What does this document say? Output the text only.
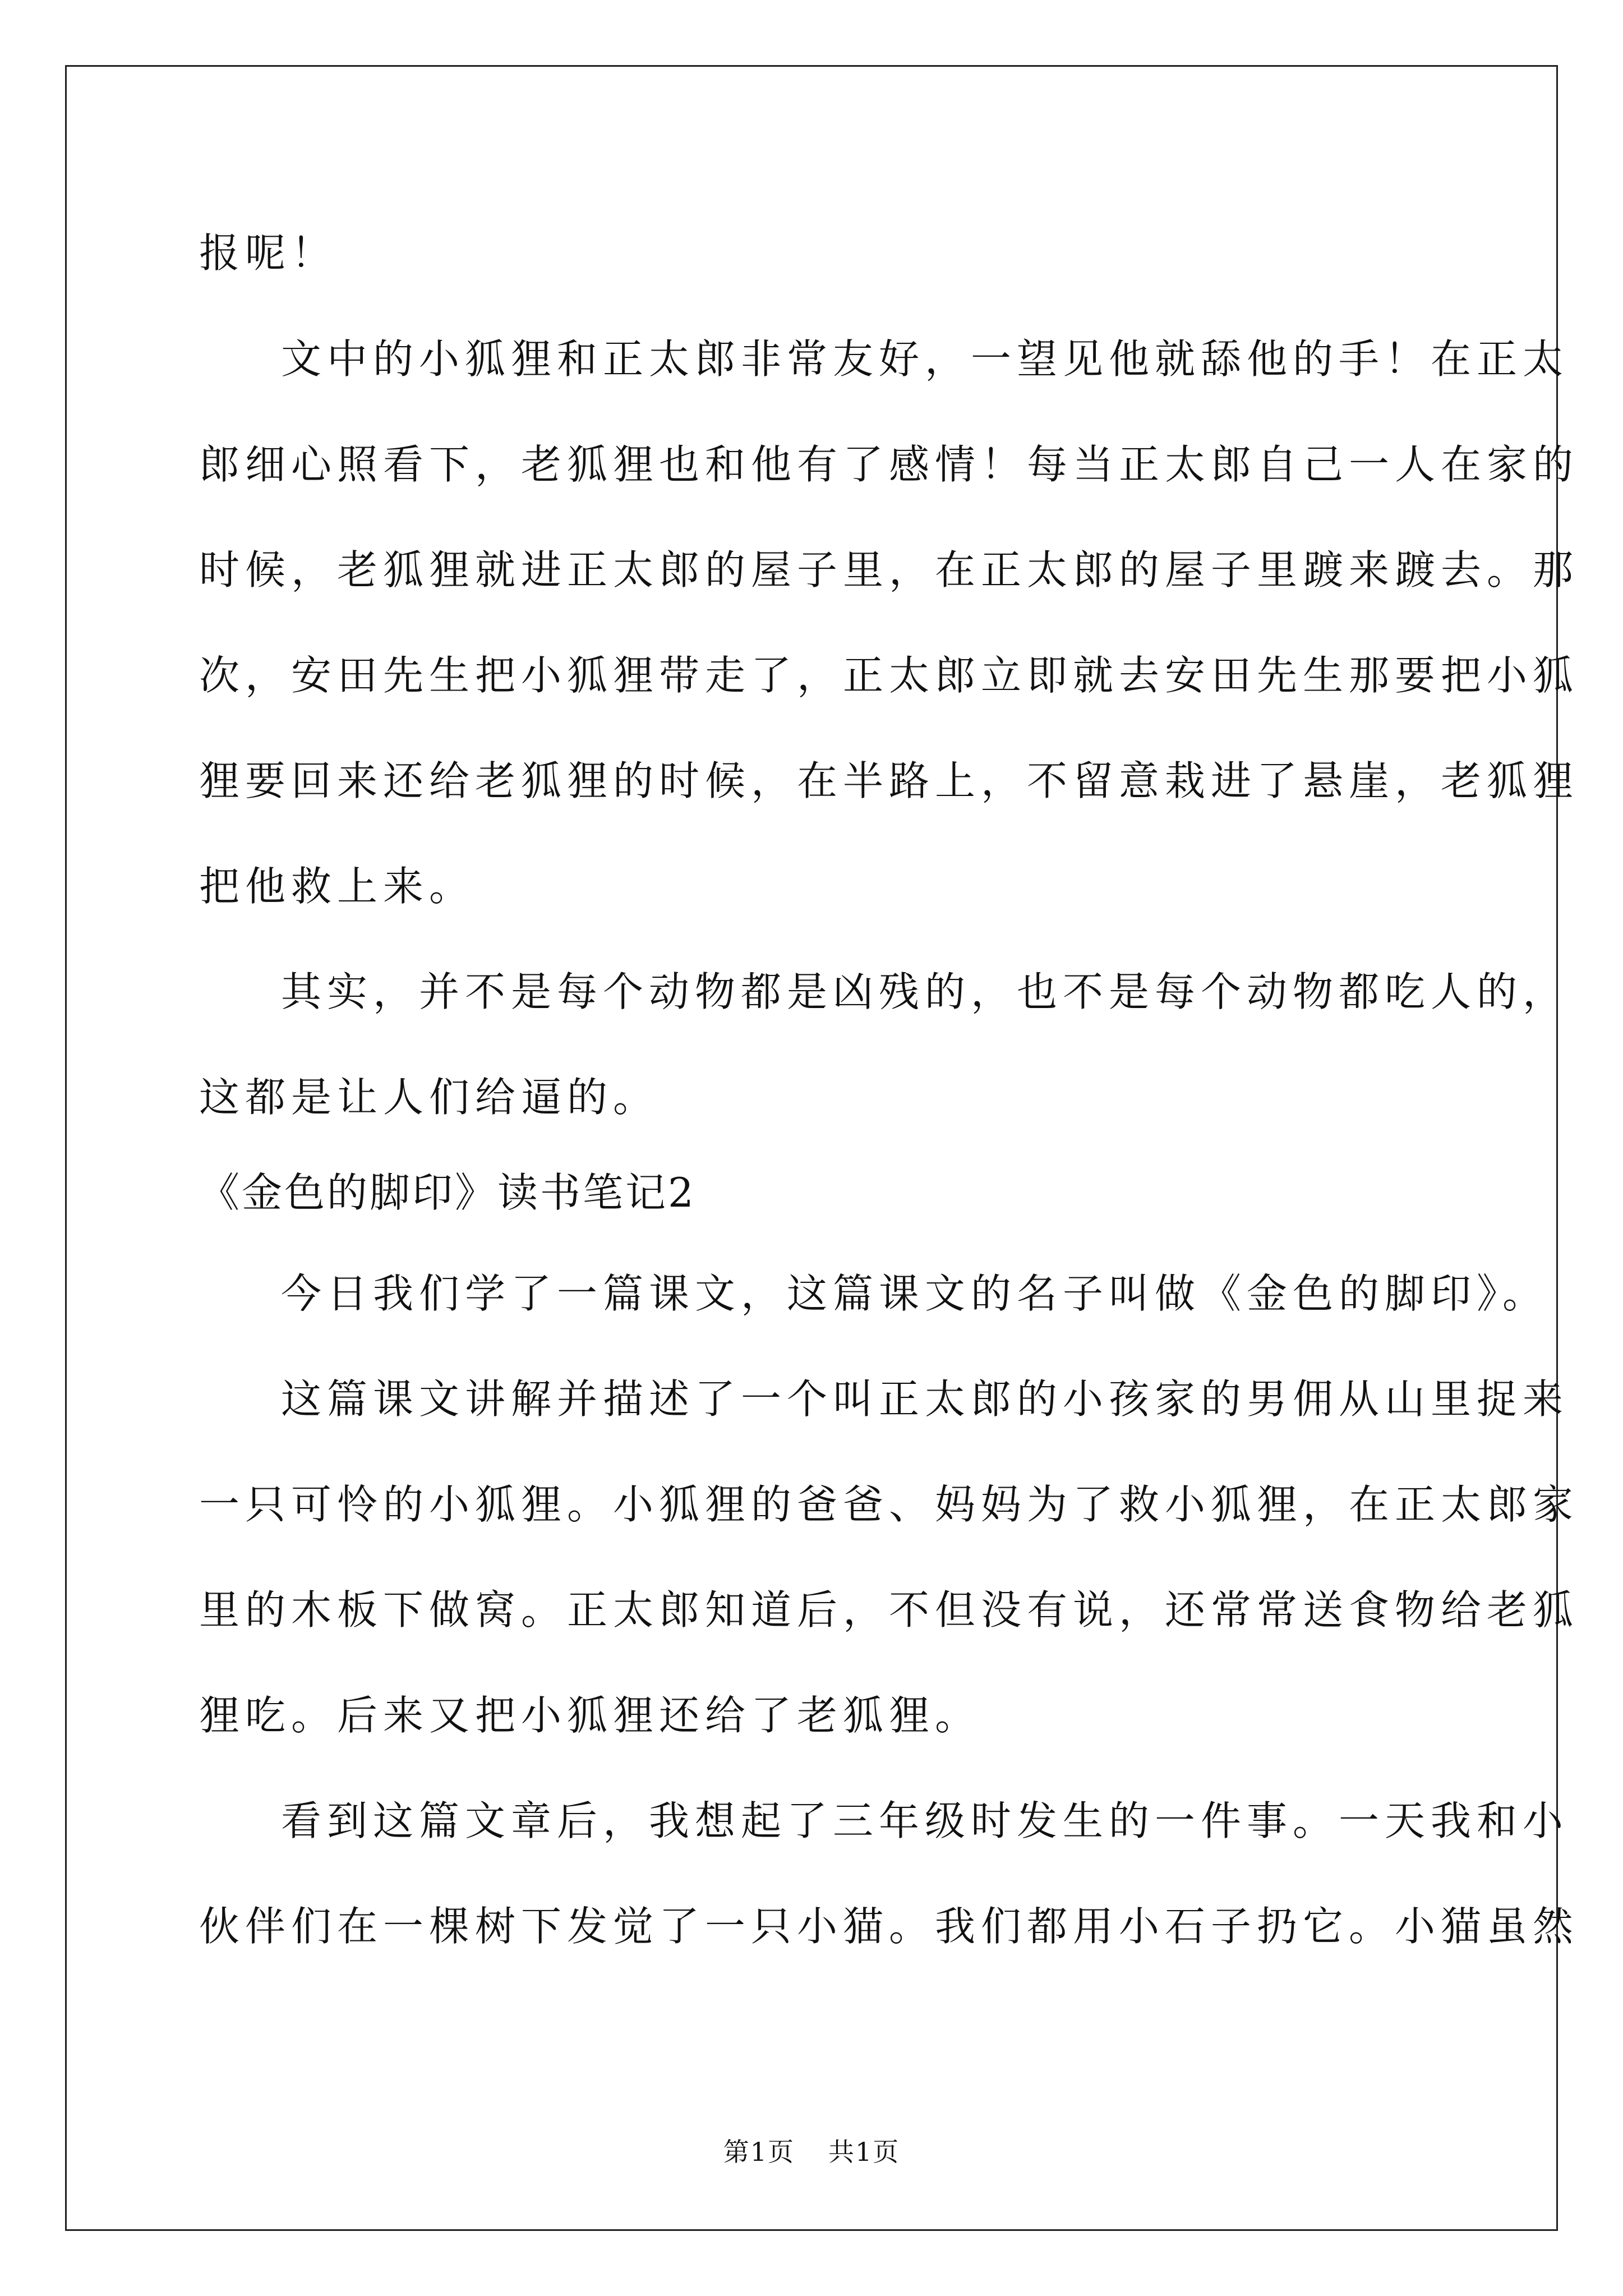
报呢！
文中的小狐狸和正太郎非常友好，一望见他就舔他的手！在正太
郎细心照看下，老狐狸也和他有了感情！每当正太郎自己一人在家的
时候，老狐狸就进正太郎的屋子里，在正太郎的屋子里踱来踱去。那
次，安田先生把小狐狸带走了，正太郎立即就去安田先生那要把小狐
狸要回来还给老狐狸的时候，在半路上，不留意栽进了悬崖，老狐狸
把他救上来。
其实，并不是每个动物都是凶残的，也不是每个动物都吃人的，
这都是让人们给逼的。
《金色的脚印》读书笔记2
今日我们学了一篇课文，这篇课文的名子叫做《金色的脚印》。
这篇课文讲解并描述了一个叫正太郎的小孩家的男佣从山里捉来
一只可怜的小狐狸。小狐狸的爸爸、妈妈为了救小狐狸，在正太郎家
里的木板下做窝。正太郎知道后，不但没有说，还常常送食物给老狐
狸吃。后来又把小狐狸还给了老狐狸。
看到这篇文章后，我想起了三年级时发生的一件事。一天我和小
伙伴们在一棵树下发觉了一只小猫。我们都用小石子扔它。小猫虽然
第1页 共1页
